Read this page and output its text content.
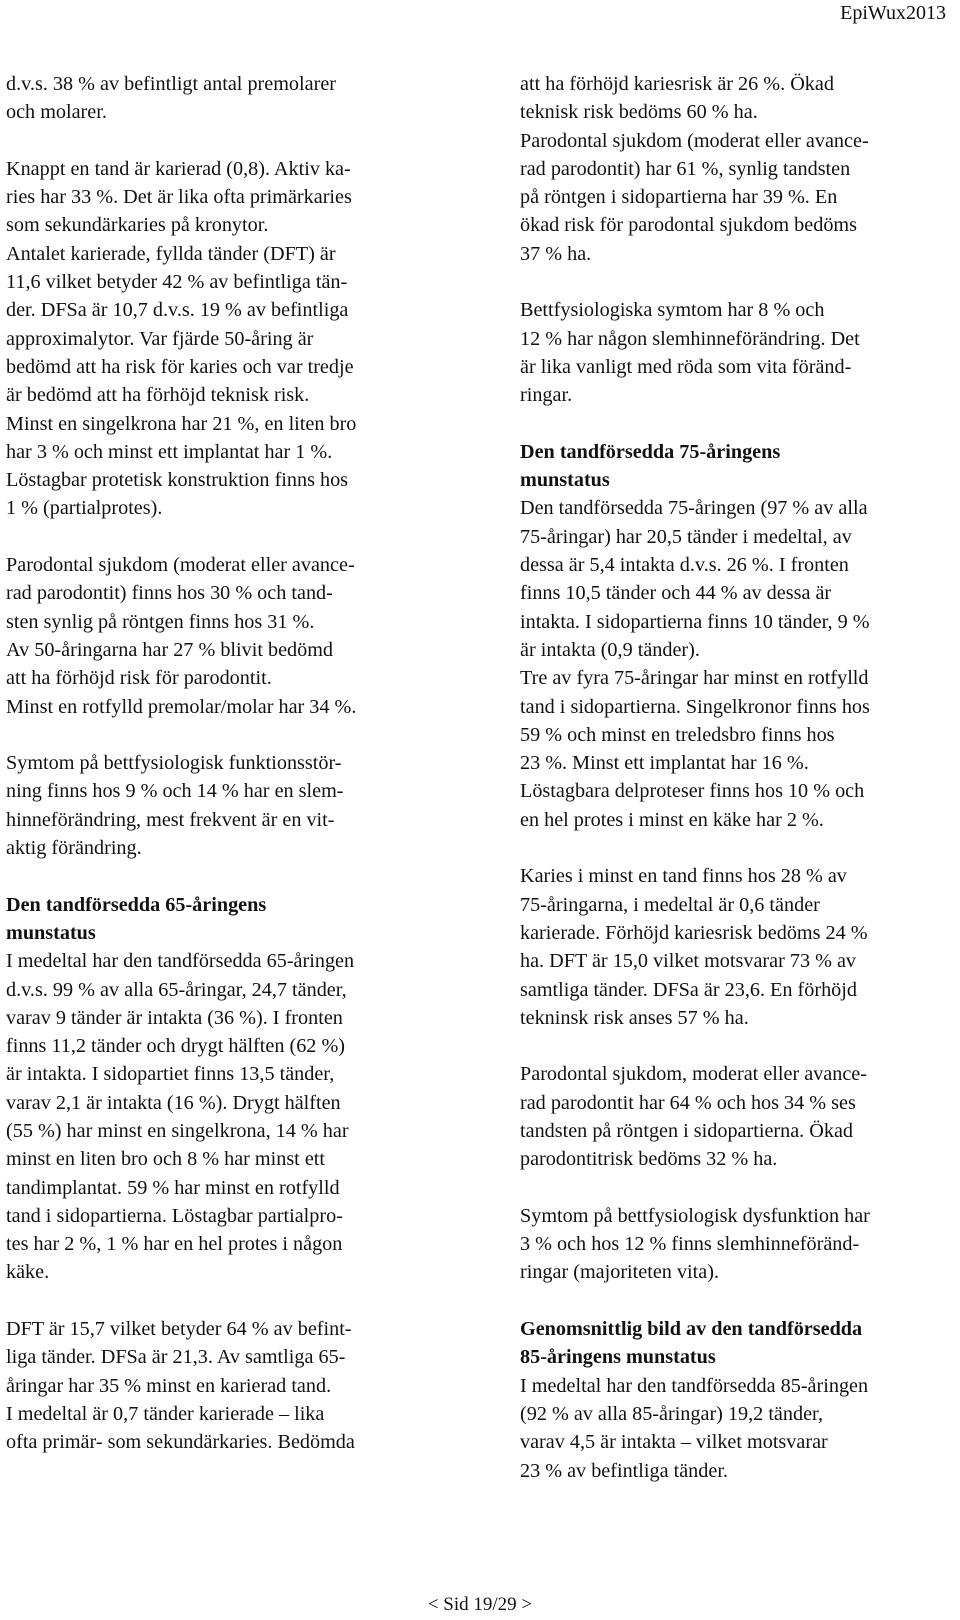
EpiWux2013

d.v.s. 38 % av befintligt antal premolarer

och molarer.

Knappt en tand är karierad (0,8). Aktiv ka-

ries har 33 %. Det är lika ofta primärkaries

som sekundärkaries på kronytor.

Antalet karierade, fyllda tänder (DFT) är

11,6 vilket betyder 42 % av befintliga tän-

der. DFSa är 10,7 d.v.s. 19 % av befintliga

approximalytor. Var fjärde 50-åring är

bedömd att ha risk för karies och var tredje

är bedömd att ha förhöjd teknisk risk.

Minst en singelkrona har 21 %, en liten bro

har 3 % och minst ett implantat har 1 %.

Löstagbar protetisk konstruktion finns hos

1 % (partialprotes).

Parodontal sjukdom (moderat eller avance-

rad parodontit) finns hos 30 % och tand-

sten synlig på röntgen finns hos 31 %.

Av 50-åringarna har 27 % blivit bedömd

att ha förhöjd risk för parodontit.

Minst en rotfylld premolar/molar har 34 %.

Symtom på bettfysiologisk funktionsstör-

ning finns hos 9 % och 14 % har en slem-

hinneförändring, mest frekvent är en vit-

aktig förändring.

Den tandförsedda 65-åringens

munstatus

I medeltal har den tandförsedda 65-åringen

d.v.s. 99 % av alla 65-åringar, 24,7 tänder,

varav 9 tänder är intakta (36 %). I fronten

finns 11,2 tänder och drygt hälften (62 %)

är intakta. I sidopartiet finns 13,5 tänder,

varav 2,1 är intakta (16 %). Drygt hälften

(55 %) har minst en singelkrona, 14 % har

minst en liten bro och 8 % har minst ett

tandimplantat. 59 % har minst en rotfylld

tand i sidopartierna. Löstagbar partialpro-

tes har 2 %, 1 % har en hel protes i någon

käke.

DFT är 15,7 vilket betyder 64 % av befint-

liga tänder. DFSa är 21,3. Av samtliga 65-

åringar har 35 % minst en karierad tand.

I medeltal är 0,7 tänder karierade – lika

ofta primär- som sekundärkaries. Bedömda

att ha förhöjd kariesrisk är 26 %. Ökad

teknisk risk bedöms 60 % ha.

Parodontal sjukdom (moderat eller avance-

rad parodontit) har 61 %, synlig tandsten

på röntgen i sidopartierna har 39 %. En

ökad risk för parodontal sjukdom bedöms

37 % ha.

Bettfysiologiska symtom har 8 % och

12 % har någon slemhinneförändring. Det

är lika vanligt med röda som vita föränd-

ringar.

Den tandförsedda 75-åringens

munstatus

Den tandförsedda 75-åringen (97 % av alla

75-åringar) har 20,5 tänder i medeltal, av

dessa är 5,4 intakta d.v.s. 26 %. I fronten

finns 10,5 tänder och 44 % av dessa är

intakta. I sidopartierna finns 10 tänder, 9 %

är intakta (0,9 tänder).

Tre av fyra 75-åringar har minst en rotfylld

tand i sidopartierna. Singelkronor finns hos

59 % och minst en treledsbro finns hos

23 %. Minst ett implantat har 16 %.

Löstagbara delproteser finns hos 10 % och

en hel protes i minst en käke har 2 %.

Karies i minst en tand finns hos 28 % av

75-åringarna, i medeltal är 0,6 tänder

karierade. Förhöjd kariesrisk bedöms 24 %

ha. DFT är 15,0 vilket motsvarar 73 % av

samtliga tänder. DFSa är 23,6. En förhöjd

tekninsk risk anses 57 % ha.

Parodontal sjukdom, moderat eller avance-

rad parodontit har 64 % och hos 34 % ses

tandsten på röntgen i sidopartierna. Ökad

parodontitrisk bedöms 32 % ha.

Symtom på bettfysiologisk dysfunktion har

3 % och hos 12 % finns slemhinneföränd-

ringar (majoriteten vita).

Genomsnittlig bild av den tandförsedda

85-åringens munstatus

I medeltal har den tandförsedda 85-åringen

(92 % av alla 85-åringar) 19,2 tänder,

varav 4,5 är intakta – vilket motsvarar

23 % av befintliga tänder.

< Sid 19/29 >
